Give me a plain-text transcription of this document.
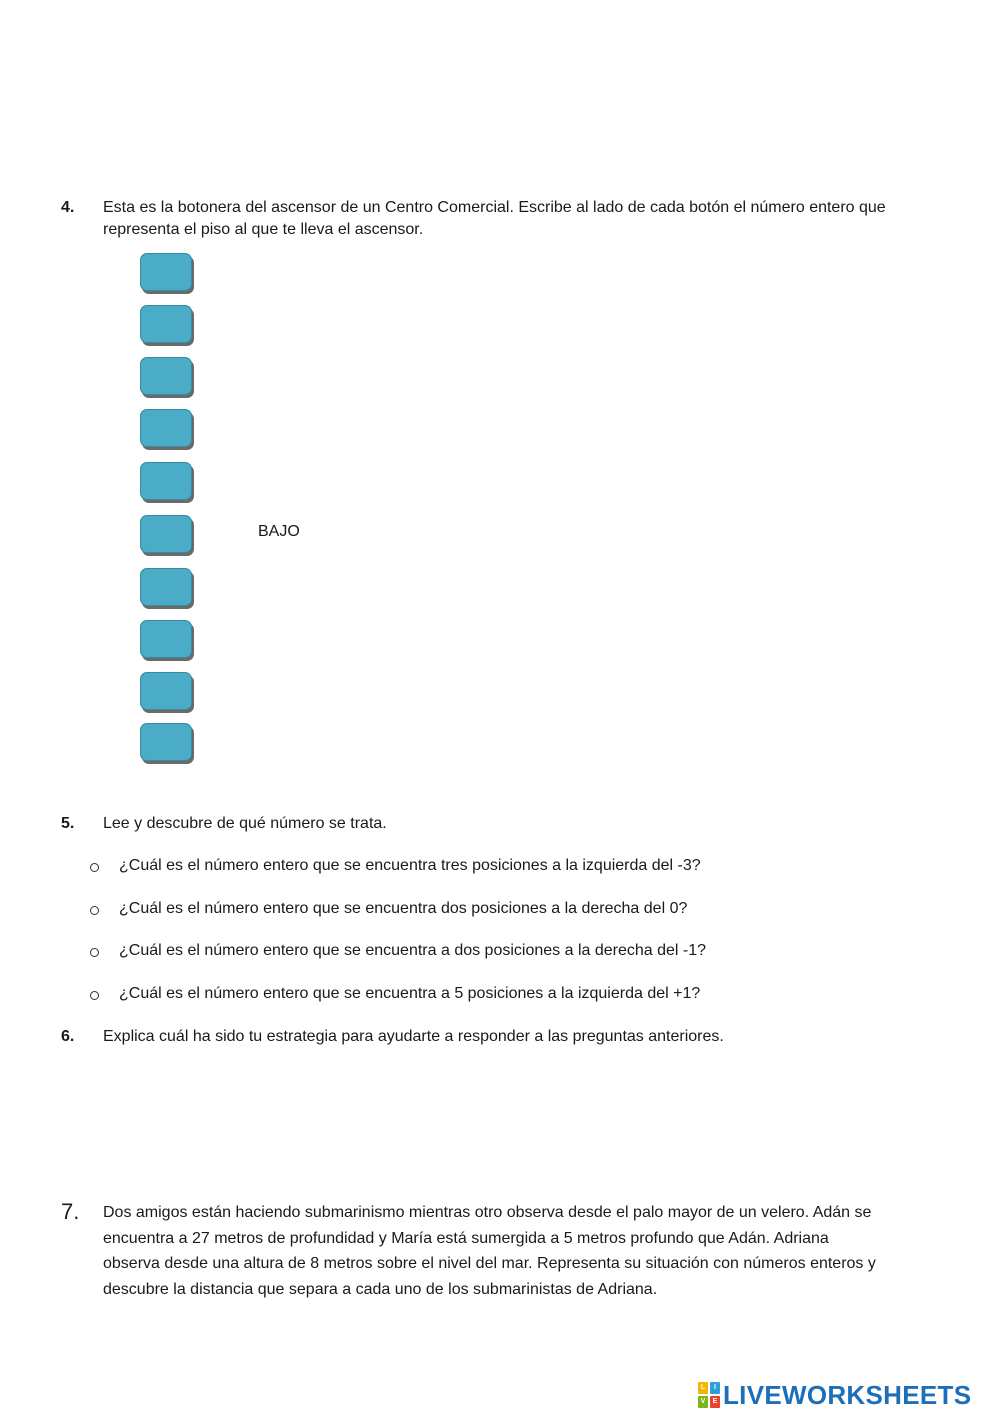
4. Esta es la botonera del ascensor de un Centro Comercial. Escribe al lado de cada botón el número entero que
representa el piso al que te lleva el ascensor.
BAJO
5. Lee y descubre de qué número se trata.
¿Cuál es el número entero que se encuentra tres posiciones a la izquierda del -3?
¿Cuál es el número entero que se encuentra dos posiciones a la derecha del 0?
¿Cuál es el número entero que se encuentra a dos posiciones a la derecha del -1?
¿Cuál es el número entero que se encuentra a 5 posiciones a la izquierda del +1?
6. Explica cuál ha sido tu estrategia para ayudarte a responder a las preguntas anteriores.
7. Dos amigos están haciendo submarinismo mientras otro observa desde el palo mayor de un velero. Adán se
encuentra a 27 metros de profundidad y María está sumergida a 5 metros profundo que Adán. Adriana
observa desde una altura de 8 metros sobre el nivel del mar. Representa su situación con números enteros y
descubre la distancia que separa a cada uno de los submarinistas de Adriana.
L	I
V	E LIVEWORKSHEETS
